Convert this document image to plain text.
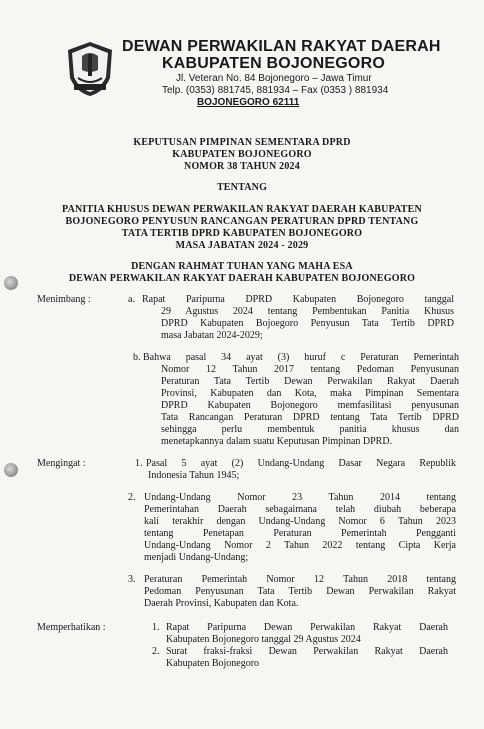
DEWAN PERWAKILAN RAKYAT DAERAH
KABUPATEN BOJONEGORO
Jl. Veteran No. 84 Bojonegoro – Jawa Timur
Telp. (0353) 881745, 881934 – Fax (0353 ) 881934
BOJONEGORO 62111
KEPUTUSAN PIMPINAN SEMENTARA DPRD
KABUPATEN BOJONEGORO
NOMOR 38 TAHUN 2024
TENTANG
PANITIA KHUSUS DEWAN PERWAKILAN RAKYAT DAERAH KABUPATEN
BOJONEGORO PENYUSUN RANCANGAN PERATURAN DPRD TENTANG
TATA TERTIB DPRD KABUPATEN BOJONEGORO
MASA JABATAN 2024 - 2029
DENGAN RAHMAT TUHAN YANG MAHA ESA
DEWAN PERWAKILAN RAKYAT DAERAH KABUPATEN BOJONEGORO
Menimbang :	a. Rapat Paripurna DPRD Kabupaten Bojonegoro tanggal
29 Agustus 2024 tentang Pembentukan Panitia Khusus
DPRD Kabupaten Bojoegoro Penyusun Tata Tertib DPRD
masa Jabatan 2024-2029;
b. Bahwa pasal 34 ayat (3) huruf c Peraturan Pemerintah
Nomor 12 Tahun 2017 tentang Pedoman Penyusunan
Peraturan Tata Tertib Dewan Perwakilan Rakyat Daerah
Provinsi, Kabupaten dan Kota, maka Pimpinan Sementara
DPRD Kabupaten Bojonegoro memfasilitasi penyusunan
Tata Rancangan Peraturan DPRD tentang Tata Tertib DPRD
sehingga perlu membentuk panitia khusus dan
menetapkannya dalam suatu Keputusan Pimpinan DPRD.
Mengingat :	1. Pasal 5 ayat (2) Undang-Undang Dasar Negara Republik
Indonesia Tahun 1945;
2. Undang-Undang Nomor 23 Tahun 2014 tentang
Pemerintahan Daerah sebagaimana telah diubah beberapa
kali terakhir dengan Undang-Undang Nomor 6 Tahun 2023
tentang Penetapan Peraturan Pemerintah Pengganti
Undang-Undang Nomor 2 Tahun 2022 tentang Cipta Kerja
menjadi Undang-Undang;
3. Peraturan Pemerintah Nomor 12 Tahun 2018 tentang
Pedoman Penyusunan Tata Tertib Dewan Perwakilan Rakyat
Daerah Provinsi, Kabupaten dan Kota.
Memperhatikan :	1. Rapat Paripurna Dewan Perwakilan Rakyat Daerah
Kabupaten Bojonegoro tanggal 29 Agustus 2024
2. Surat fraksi-fraksi Dewan Perwakilan Rakyat Daerah
Kabupaten Bojonegoro
